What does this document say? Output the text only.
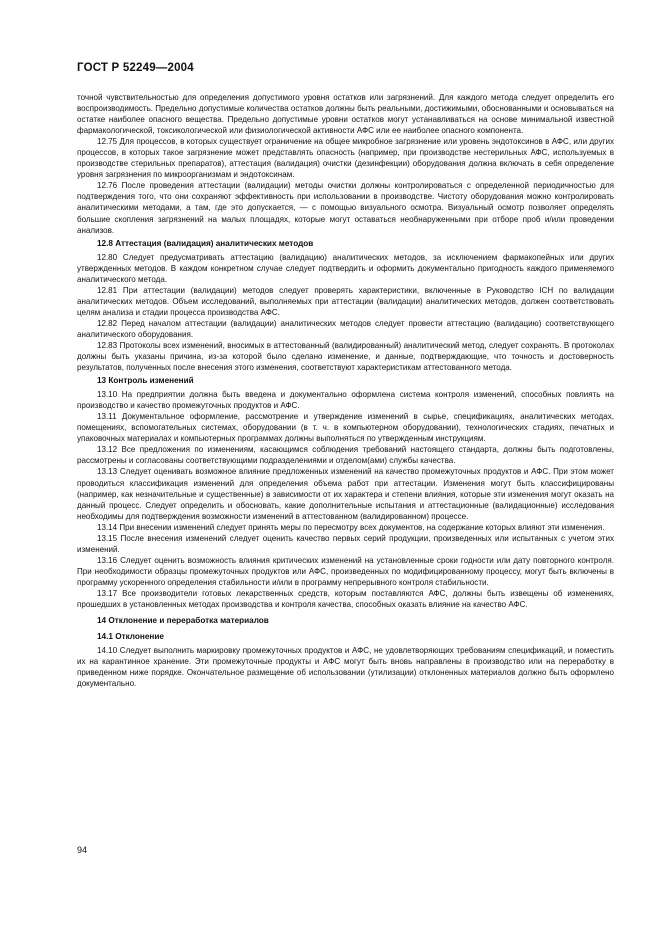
ГОСТ Р 52249—2004

точной чувствительностью для определения допустимого уровня остатков или загрязнений. Для каждого метода следует определить его воспроизводимость. Предельно допустимые количества остатков должны быть реальными, достижимыми, обоснованными и основываться на остатке наиболее опасного вещества. Предельно допустимые уровни остатков могут устанавливаться на основе минимальной известной фармакологической, токсикологической или физиологической активности АФС или ее наиболее опасного компонента.

12.75 Для процессов, в которых существует ограничение на общее микробное загрязнение или уровень эндотоксинов в АФС, или других процессов, в которых такое загрязнение может представлять опасность (например, при производстве нестерильных АФС, используемых в производстве стерильных препаратов), аттестация (валидация) очистки (дезинфекции) оборудования должна включать в себя определение уровня загрязнения по микроорганизмам и эндотоксинам.

12.76 После проведения аттестации (валидации) методы очистки должны контролироваться с определенной периодичностью для подтверждения того, что они сохраняют эффективность при использовании в производстве. Чистоту оборудования можно контролировать аналитическими методами, а там, где это допускается, — с помощью визуального осмотра. Визуальный осмотр позволяет определять большие скопления загрязнений на малых площадях, которые могут оставаться необнаруженными при отборе проб и/или проведении анализов.

12.8 Аттестация (валидация) аналитических методов

12.80 Следует предусматривать аттестацию (валидацию) аналитических методов, за исключением фармакопейных или других утвержденных методов. В каждом конкретном случае следует подтвердить и оформить документально пригодность каждого применяемого аналитического метода.

12.81 При аттестации (валидации) методов следует проверять характеристики, включенные в Руководство ICH по валидации аналитических методов. Объем исследований, выполняемых при аттестации (валидации) аналитических методов, должен соответствовать целям анализа и стадии процесса производства АФС.

12.82 Перед началом аттестации (валидации) аналитических методов следует провести аттестацию (валидацию) соответствующего аналитического оборудования.

12.83 Протоколы всех изменений, вносимых в аттестованный (валидированный) аналитический метод, следует сохранять. В протоколах должны быть указаны причина, из-за которой было сделано изменение, и данные, подтверждающие, что точность и достоверность результатов, полученных после внесения этого изменения, соответствуют характеристикам аттестованного метода.

13 Контроль изменений

13.10 На предприятии должна быть введена и документально оформлена система контроля изменений, способных повлиять на производство и качество промежуточных продуктов и АФС.

13.11 Документальное оформление, рассмотрение и утверждение изменений в сырье, спецификациях, аналитических методах, помещениях, вспомогательных системах, оборудовании (в т. ч. в компьютерном оборудовании), технологических стадиях, печатных и упаковочных материалах и компьютерных программах должны выполняться по утвержденным инструкциям.

13.12 Все предложения по изменениям, касающимся соблюдения требований настоящего стандарта, должны быть подготовлены, рассмотрены и согласованы соответствующими подразделениями и отделом(ами) службы качества.

13.13 Следует оценивать возможное влияние предложенных изменений на качество промежуточных продуктов и АФС. При этом может проводиться классификация изменений для определения объема работ при аттестации. Изменения могут быть классифицированы (например, как незначительные и существенные) в зависимости от их характера и степени влияния, которые эти изменения могут оказать на данный процесс. Следует определить и обосновать, какие дополнительные испытания и аттестационные (валидационные) исследования необходимы для подтверждения возможности изменений в аттестованном (валидированном) процессе.

13.14 При внесении изменений следует принять меры по пересмотру всех документов, на содержание которых влияют эти изменения.

13.15 После внесения изменений следует оценить качество первых серий продукции, произведенных или испытанных с учетом этих изменений.

13.16 Следует оценить возможность влияния критических изменений на установленные сроки годности или дату повторного контроля. При необходимости образцы промежуточных продуктов или АФС, произведенных по модифицированному процессу, могут быть включены в программу ускоренного определения стабильности и/или в программу непрерывного контроля стабильности.

13.17 Все производители готовых лекарственных средств, которым поставляются АФС, должны быть извещены об изменениях, прошедших в установленных методах производства и контроля качества, способных оказать влияние на качество АФС.

14 Отклонение и переработка материалов
14.1 Отклонение

14.10 Следует выполнить маркировку промежуточных продуктов и АФС, не удовлетворяющих требованиям спецификаций, и поместить их на карантинное хранение. Эти промежуточные продукты и АФС могут быть вновь направлены в производство или на переработку в приведенном ниже порядке. Окончательное размещение об использовании (утилизации) отклоненных материалов должно быть оформлено документально.

94
